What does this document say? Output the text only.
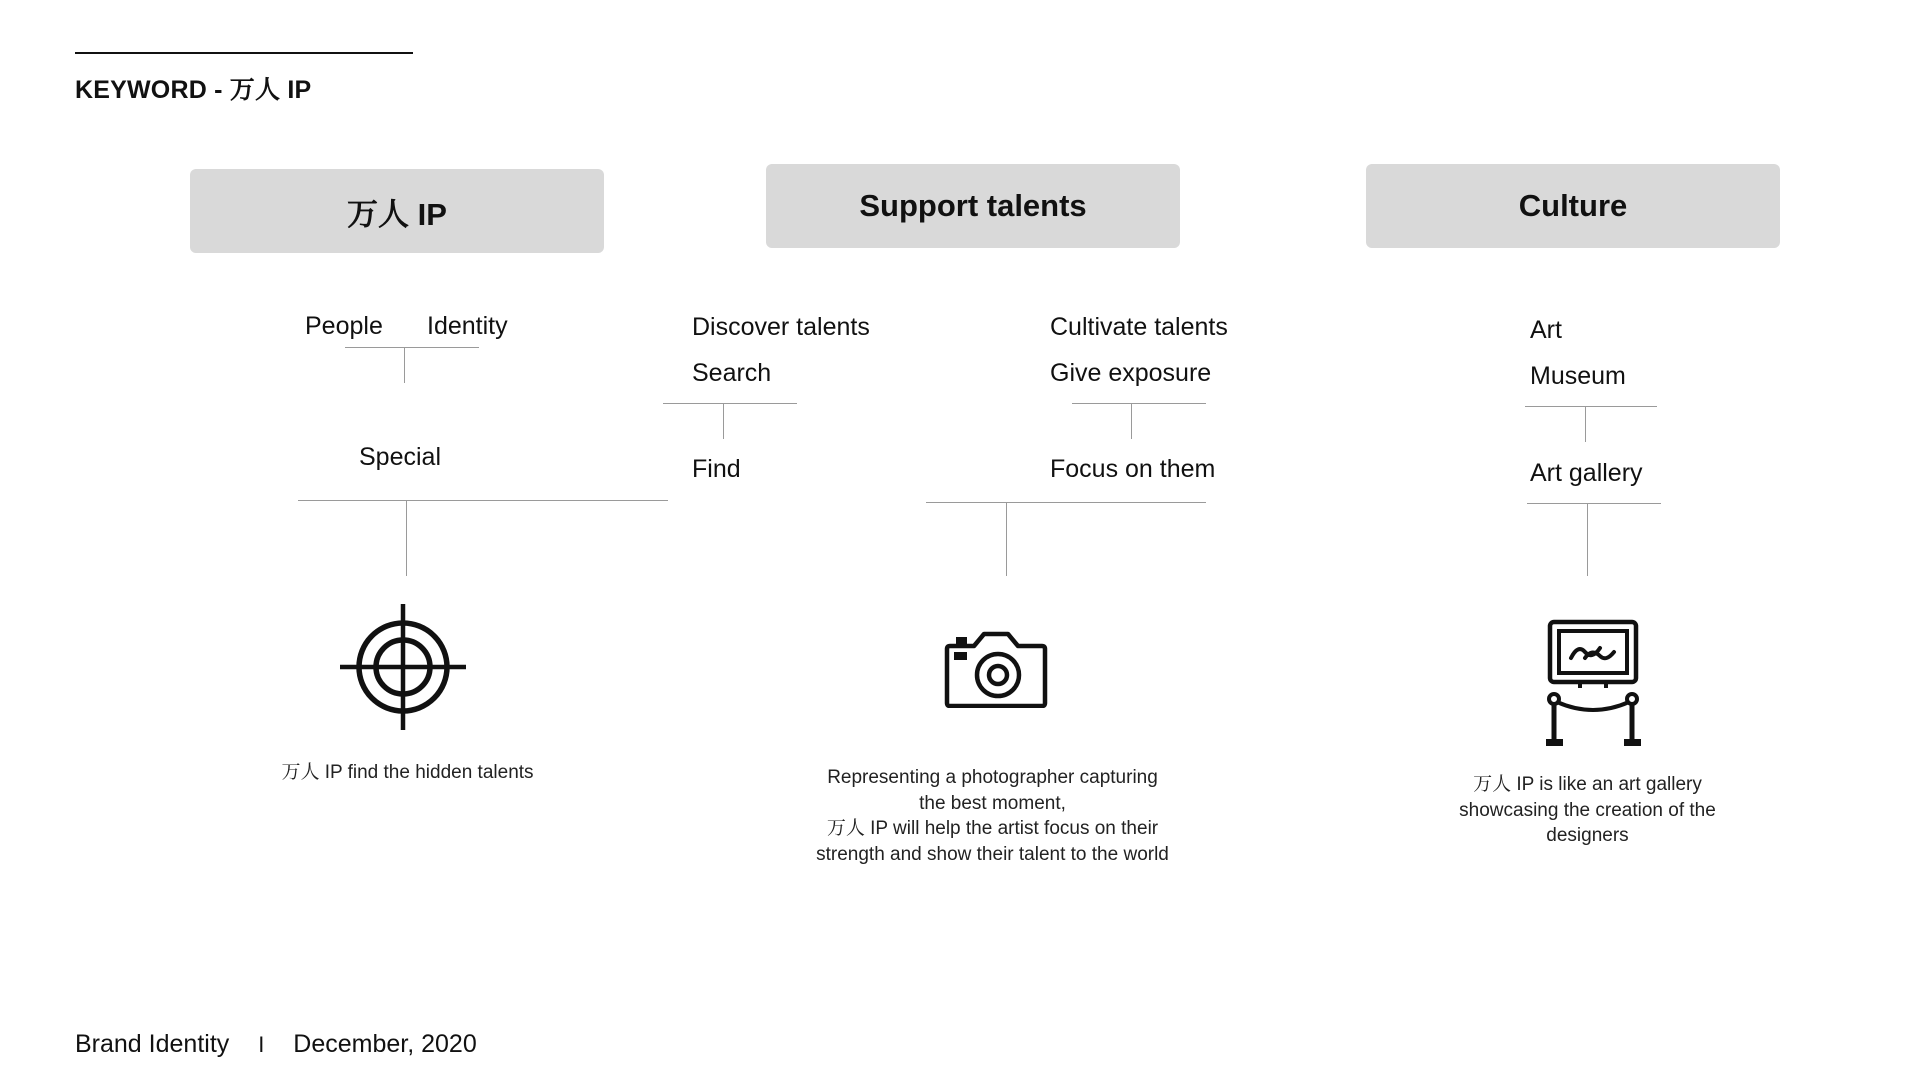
KEYWORD - 万人 IP
万人 IP
People Identity
Special
万人 IP find the hidden talents
Support talents
Discover talents
Search
Find
Cultivate talents
Give exposure
Focus on them
Representing a photographer capturing
the best moment,
万人 IP will help the artist focus on their
strength and show their talent to the world
Culture
Art
Museum
Art gallery
万人 IP is like an art gallery
showcasing the creation of the
designers
Brand Identity I December, 2020
